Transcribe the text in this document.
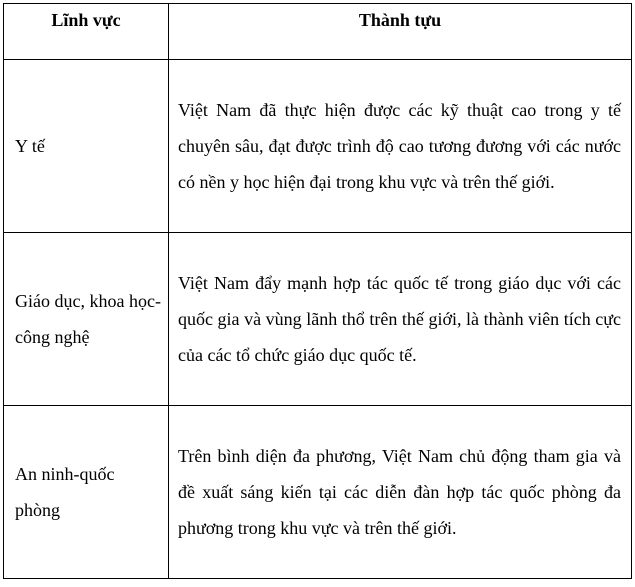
Lĩnh vực	Thành tựu
Y tế	Việt Nam đã thực hiện được các kỹ thuật cao trong y tế chuyên sâu, đạt được trình độ cao tương đương với các nước có nền y học hiện đại trong khu vực và trên thế giới.
Giáo dục, khoa học- công nghệ	Việt Nam đẩy mạnh hợp tác quốc tế trong giáo dục với các quốc gia và vùng lãnh thổ trên thế giới, là thành viên tích cực của các tổ chức giáo dục quốc tế.
An ninh-quốc phòng	Trên bình diện đa phương, Việt Nam chủ động tham gia và đề xuất sáng kiến tại các diễn đàn hợp tác quốc phòng đa phương trong khu vực và trên thế giới.
